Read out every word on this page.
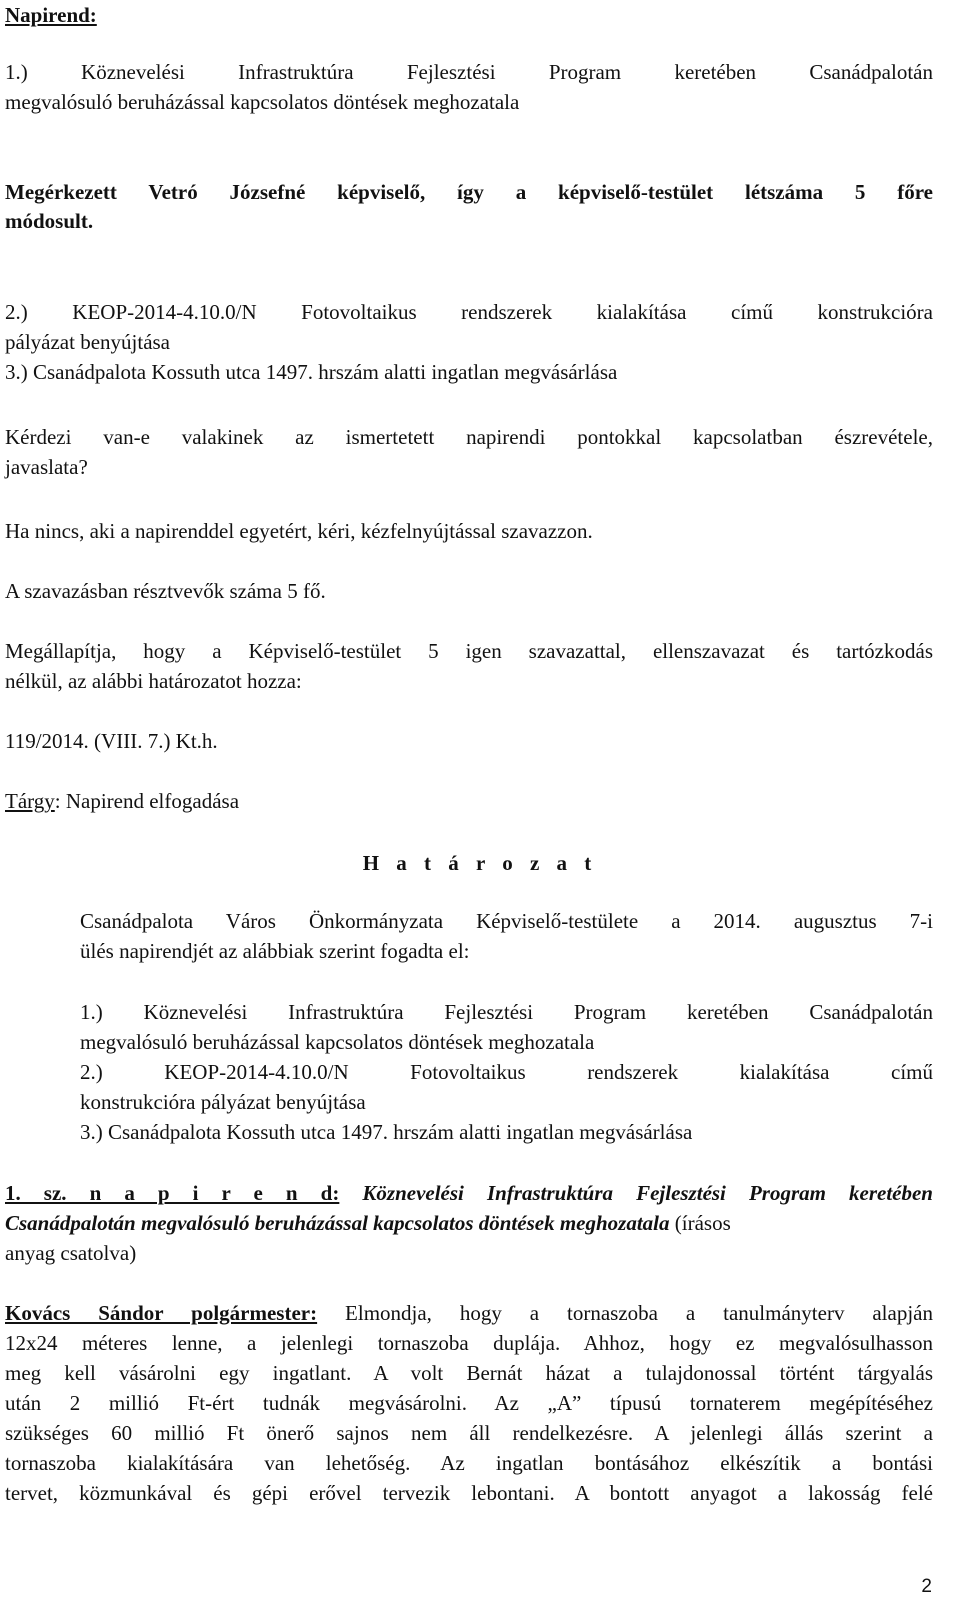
Napirend:
1.) Köznevelési Infrastruktúra Fejlesztési Program keretében Csanádpalotán
megvalósuló beruházással kapcsolatos döntések meghozatala
Megérkezett Vetró Józsefné képviselő, így a képviselő-testület létszáma 5 főre
módosult.
2.) KEOP-2014-4.10.0/N Fotovoltaikus rendszerek kialakítása című konstrukcióra
pályázat benyújtása
3.) Csanádpalota Kossuth utca 1497. hrszám alatti ingatlan megvásárlása
Kérdezi van-e valakinek az ismertetett napirendi pontokkal kapcsolatban észrevétele,
javaslata?
Ha nincs, aki a napirenddel egyetért, kéri, kézfelnyújtással szavazzon.
A szavazásban résztvevők száma 5 fő.
Megállapítja, hogy a Képviselő-testület 5 igen szavazattal, ellenszavazat és tartózkodás
nélkül, az alábbi határozatot hozza:
119/2014. (VIII. 7.) Kt.h.
Tárgy: Napirend elfogadása
H a t á r o z a t
Csanádpalota Város Önkormányzata Képviselő-testülete a 2014. augusztus 7-i
ülés napirendjét az alábbiak szerint fogadta el:
1.) Köznevelési Infrastruktúra Fejlesztési Program keretében Csanádpalotán
megvalósuló beruházással kapcsolatos döntések meghozatala
2.) KEOP-2014-4.10.0/N Fotovoltaikus rendszerek kialakítása című
konstrukcióra pályázat benyújtása
3.) Csanádpalota Kossuth utca 1497. hrszám alatti ingatlan megvásárlása
1. sz. n a p i r e n d: Köznevelési Infrastruktúra Fejlesztési Program keretében
Csanádpalotán megvalósuló beruházással kapcsolatos döntések meghozatala (írásos
anyag csatolva)
Kovács Sándor polgármester: Elmondja, hogy a tornaszoba a tanulmányterv alapján
12x24 méteres lenne, a jelenlegi tornaszoba duplája. Ahhoz, hogy ez megvalósulhasson
meg kell vásárolni egy ingatlant. A volt Bernát házat a tulajdonossal történt tárgyalás
után 2 millió Ft-ért tudnák megvásárolni. Az „A” típusú tornaterem megépítéséhez
szükséges 60 millió Ft önerő sajnos nem áll rendelkezésre. A jelenlegi állás szerint a
tornaszoba kialakítására van lehetőség. Az ingatlan bontásához elkészítik a bontási
tervet, közmunkával és gépi erővel tervezik lebontani. A bontott anyagot a lakosság felé
2
